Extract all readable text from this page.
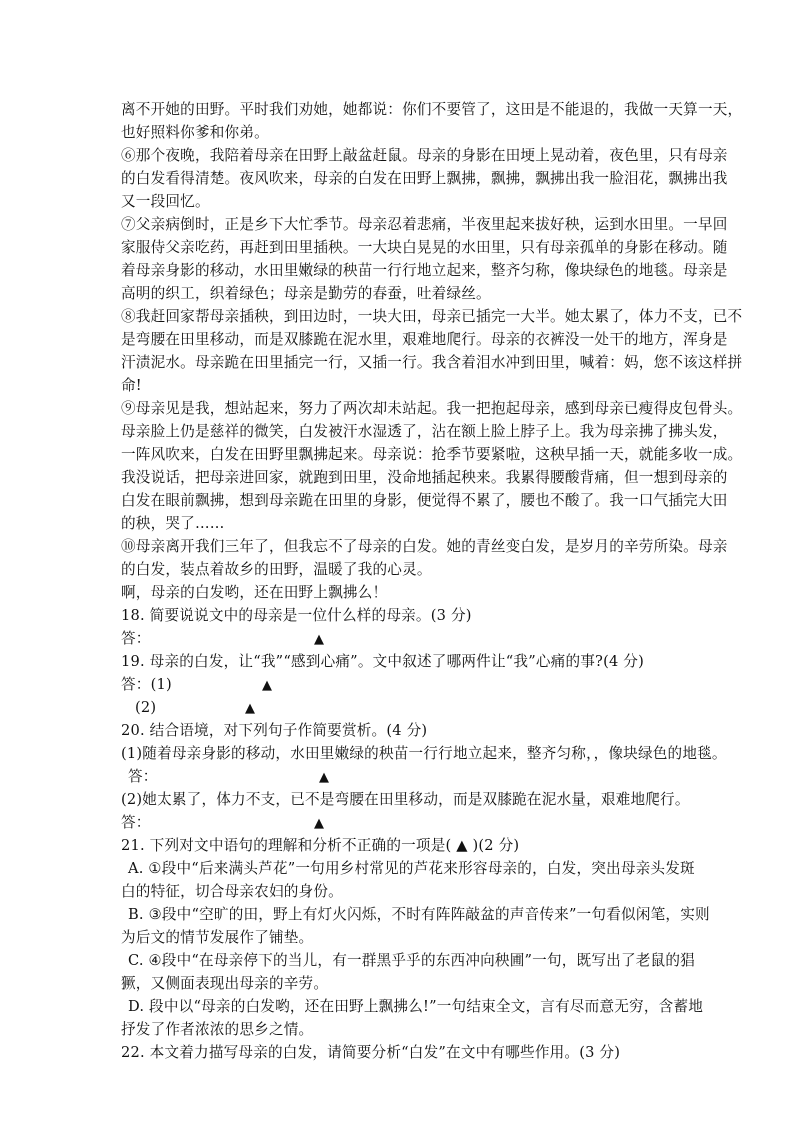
离不开她的田野。平时我们劝她，她都说：你们不要管了，这田是不能退的，我做一天算一天，
也好照料你爹和你弟。
⑥那个夜晚，我陪着母亲在田野上敲盆赶鼠。母亲的身影在田埂上晃动着，夜色里，只有母亲
的白发看得清楚。夜风吹来，母亲的白发在田野上飘拂，飘拂，飘拂出我一脸泪花，飘拂出我
又一段回忆。
⑦父亲病倒时，正是乡下大忙季节。母亲忍着悲痛，半夜里起来拔好秧，运到水田里。一早回
家服侍父亲吃药，再赶到田里插秧。一大块白晃晃的水田里，只有母亲孤单的身影在移动。随
着母亲身影的移动，水田里嫩绿的秧苗一行行地立起来，整齐匀称，像块绿色的地毯。母亲是
高明的织工，织着绿色；母亲是勤劳的春蚕，吐着绿丝。
⑧我赶回家帮母亲插秧，到田边时，一块大田，母亲已插完一大半。她太累了，体力不支，已不
是弯腰在田里移动，而是双膝跪在泥水里，艰难地爬行。母亲的衣裤没一处干的地方，浑身是
汗渍泥水。母亲跪在田里插完一行，又插一行。我含着泪水冲到田里，喊着：妈，您不该这样拼
命!
⑨母亲见是我，想站起来，努力了两次却未站起。我一把抱起母亲，感到母亲已瘦得皮包骨头。
母亲脸上仍是慈祥的微笑，白发被汗水湿透了，沾在额上脸上脖子上。我为母亲拂了拂头发，
一阵风吹来，白发在田野里飘拂起来。母亲说：抢季节要紧啦，这秧早插一天，就能多收一成。
我没说话，把母亲进回家，就跑到田里，没命地插起秧来。我累得腰酸背痛，但一想到母亲的
白发在眼前飘拂，想到母亲跪在田里的身影，便觉得不累了，腰也不酸了。我一口气插完大田
的秧，哭了……
⑩母亲离开我们三年了，但我忘不了母亲的白发。她的青丝变白发，是岁月的辛劳所染。母亲
的白发，装点着故乡的田野，温暖了我的心灵。
啊，母亲的白发哟，还在田野上飘拂么！
18. 简要说说文中的母亲是一位什么样的母亲。(3 分)
答：	▲
19. 母亲的白发，让“我”“感到心痛”。文中叙述了哪两件让“我”心痛的事?(4 分)
答：(1)	▲
(2)	▲
20. 结合语境，对下列句子作简要赏析。(4 分)
(1)随着母亲身影的移动，水田里嫩绿的秧苗一行行地立起来，整齐匀称，，像块绿色的地毯。
答：	▲
(2)她太累了，体力不支，已不是弯腰在田里移动，而是双膝跪在泥水量，艰难地爬行。
答：	▲
21. 下列对文中语句的理解和分析不正确的一项是( ▲ )(2 分)
A. ①段中“后来满头芦花”一句用乡村常见的芦花来形容母亲的，白发，突出母亲头发斑
白的特征，切合母亲农妇的身份。
B. ③段中“空旷的田，野上有灯火闪烁，不时有阵阵敲盆的声音传来”一句看似闲笔，实则
为后文的情节发展作了铺垫。
C. ④段中“在母亲停下的当儿，有一群黑乎乎的东西冲向秧圃”一句，既写出了老鼠的猖
獗，又侧面表现出母亲的辛劳。
D. 段中以“母亲的白发哟，还在田野上飘拂么!”一句结束全文，言有尽而意无穷，含蓄地
抒发了作者浓浓的思乡之情。
22. 本文着力描写母亲的白发，请简要分析“白发”在文中有哪些作用。(3 分)
